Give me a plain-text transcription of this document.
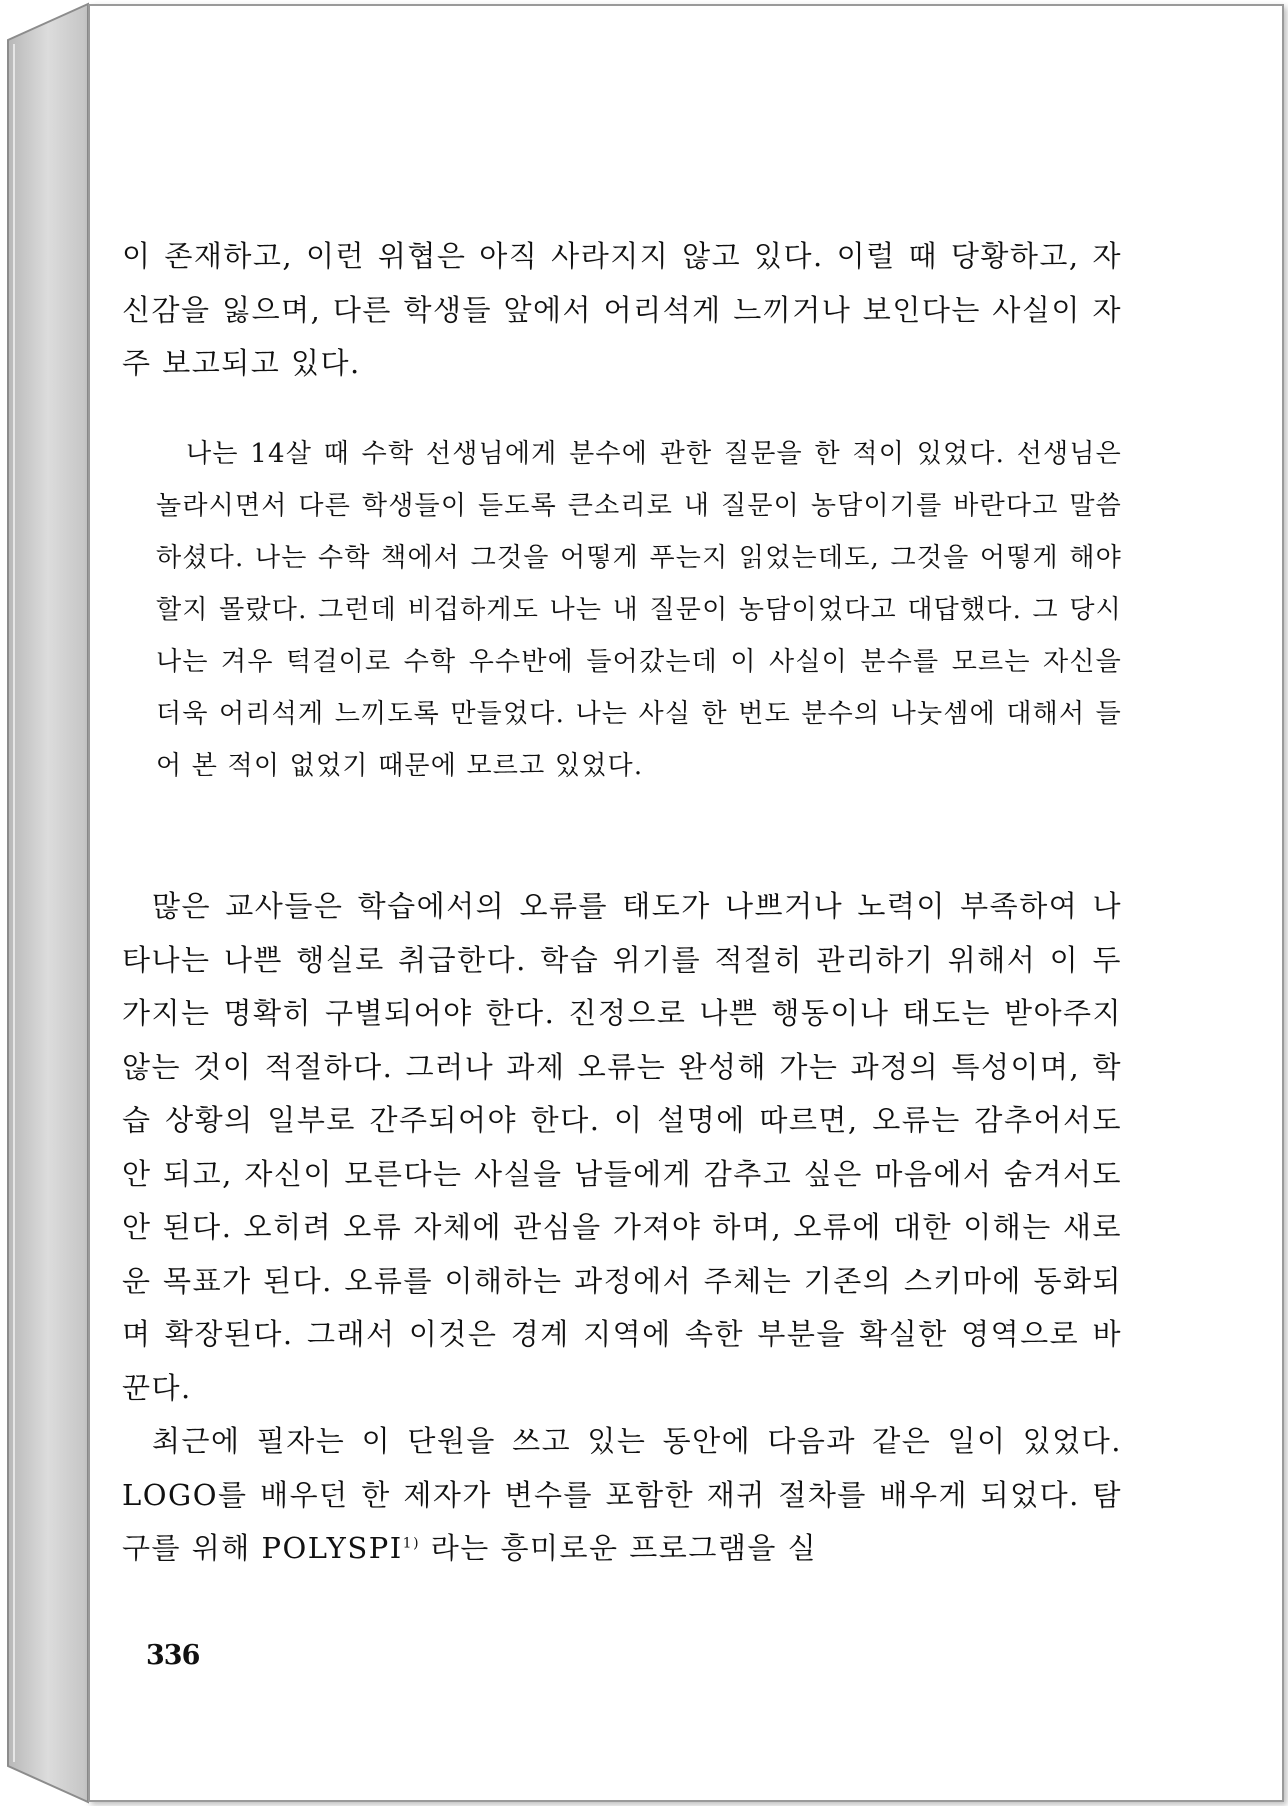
이 존재하고, 이런 위협은 아직 사라지지 않고 있다. 이럴 때 당황하고, 자신감을 잃으며, 다른 학생들 앞에서 어리석게 느끼거나 보인다는 사실이 자주 보고되고 있다.

나는 14살 때 수학 선생님에게 분수에 관한 질문을 한 적이 있었다. 선생님은 놀라시면서 다른 학생들이 듣도록 큰소리로 내 질문이 농담이기를 바란다고 말씀하셨다. 나는 수학 책에서 그것을 어떻게 푸는지 읽었는데도, 그것을 어떻게 해야 할지 몰랐다. 그런데 비겁하게도 나는 내 질문이 농담이었다고 대답했다. 그 당시 나는 겨우 턱걸이로 수학 우수반에 들어갔는데 이 사실이 분수를 모르는 자신을 더욱 어리석게 느끼도록 만들었다. 나는 사실 한 번도 분수의 나눗셈에 대해서 들어 본 적이 없었기 때문에 모르고 있었다.

많은 교사들은 학습에서의 오류를 태도가 나쁘거나 노력이 부족하여 나타나는 나쁜 행실로 취급한다. 학습 위기를 적절히 관리하기 위해서 이 두 가지는 명확히 구별되어야 한다. 진정으로 나쁜 행동이나 태도는 받아주지 않는 것이 적절하다. 그러나 과제 오류는 완성해 가는 과정의 특성이며, 학습 상황의 일부로 간주되어야 한다. 이 설명에 따르면, 오류는 감추어서도 안 되고, 자신이 모른다는 사실을 남들에게 감추고 싶은 마음에서 숨겨서도 안 된다. 오히려 오류 자체에 관심을 가져야 하며, 오류에 대한 이해는 새로운 목표가 된다. 오류를 이해하는 과정에서 주체는 기존의 스키마에 동화되며 확장된다. 그래서 이것은 경계 지역에 속한 부분을 확실한 영역으로 바꾼다.

최근에 필자는 이 단원을 쓰고 있는 동안에 다음과 같은 일이 있었다. LOGO를 배우던 한 제자가 변수를 포함한 재귀 절차를 배우게 되었다. 탐구를 위해 POLYSPI$^{1)}$ 라는 흥미로운 프로그램을 실

336
